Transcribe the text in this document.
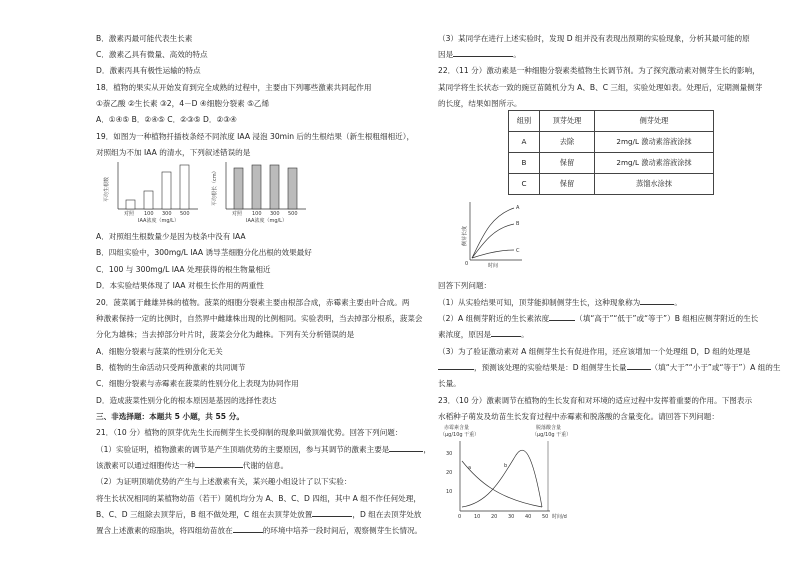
B．激素丙最可能代表生长素
C．激素乙具有微量、高效的特点
D．激素丙具有极性运输的特点
18．植物的果实从开始发育到完全成熟的过程中，主要由下列哪些激素共同起作用
①萘乙酸 ②生长素 ③2，4－D ④细胞分裂素 ⑤乙烯
A．①④⑤ B．②④⑤ C．②③⑤ D．②③④
19．如图为一种植物扦插枝条经不同浓度 IAA 浸泡 30min 后的生根结果（新生根粗细相近），
对照组为不加 IAA 的清水，下列叙述错误的是
平均生根数
对照 100 300 500
IAA浓度（mg/L）
平均根长（cm）
对照 100 300 500
IAA浓度（mg/L）
A．对照组生根数量少是因为枝条中没有 IAA
B．四组实验中，300mg/L IAA 诱导茎细胞分化出根的效果最好
C．100 与 300mg/L IAA 处理获得的根生物量相近
D．本实验结果体现了 IAA 对根生长作用的两重性
20．菠菜属于雌雄异株的植物。菠菜的细胞分裂素主要由根部合成，赤霉素主要由叶合成。两
种激素保持一定的比例时，自然界中雌雄株出现的比例相同。实验表明，当去掉部分根系，菠菜会
分化为雄株；当去掉部分叶片时，菠菜会分化为雌株。下列有关分析错误的是
A．细胞分裂素与菠菜的性别分化无关
B．植物的生命活动只受两种激素的共同调节
C．细胞分裂素与赤霉素在菠菜的性别分化上表现为协同作用
D．造成菠菜性别分化的根本原因是基因的选择性表达
三、非选择题：本题共 5 小题，共 55 分。
21．（10 分）植物的顶芽优先生长而侧芽生长受抑制的现象叫做顶端优势。回答下列问题：
（1）实验证明，植物激素的调节是产生顶端优势的主要原因，参与其调节的激素主要是	，
该激素可以通过细胞传达一种	代谢的信息。
（2）为证明顶端优势的产生与上述激素有关，某兴趣小组设计了以下实验：
将生长状况相同的某植物幼苗（若干）随机均分为 A、B、C、D 四组，其中 A 组不作任何处理，
B、C、D 三组除去顶芽后，B 组不做处理，C 组在去顶芽处放置	，D 组在去顶芽处放
置含上述激素的琼脂块，将四组幼苗放在	的环境中培养一段时间后，观察侧芽生长情况。
（3）某同学在进行上述实验时，发现 D 组并没有表现出预期的实验现象，分析其最可能的原
因是	。
22．（11 分）激动素是一种细胞分裂素类植物生长调节剂。为了探究激动素对侧芽生长的影响，
某同学将生长状态一致的豌豆苗随机分为 A、B、C 三组，实验处理如表。处理后，定期测量侧芽
的长度，结果如图所示。
组别	顶芽处理	侧芽处理
A	去除	2mg/L 激动素溶液涂抹
B	保留	2mg/L 激动素溶液涂抹
C	保留	蒸馏水涂抹
侧芽长度
A
B
C
0	时间
回答下列问题：
（1）从实验结果可知，顶芽能抑制侧芽生长，这种现象称为	。
（2）A 组侧芽附近的生长素浓度	（填“高于”“低于”或“等于”）B 组相应侧芽附近的生长
素浓度，原因是	。
（3）为了验证激动素对 A 组侧芽生长有促进作用，还应该增加一个处理组 D，D 组的处理是
，预测该处理的实验结果是：D 组侧芽生长量	（填“大于”“小于”或“等于”）A 组的生
长量。
23．（10 分）激素调节在植物的生长发育和对环境的适应过程中发挥着重要的作用。下图表示
水稻种子萌发及幼苗生长发育过程中赤霉素和脱落酸的含量变化。请回答下列问题：
赤霉素含量
（μg/10g 干重）
脱落酸含量
（μg/10g 干重）
30
20
10
a	b
0	10 20 30 40 50 时间/d
